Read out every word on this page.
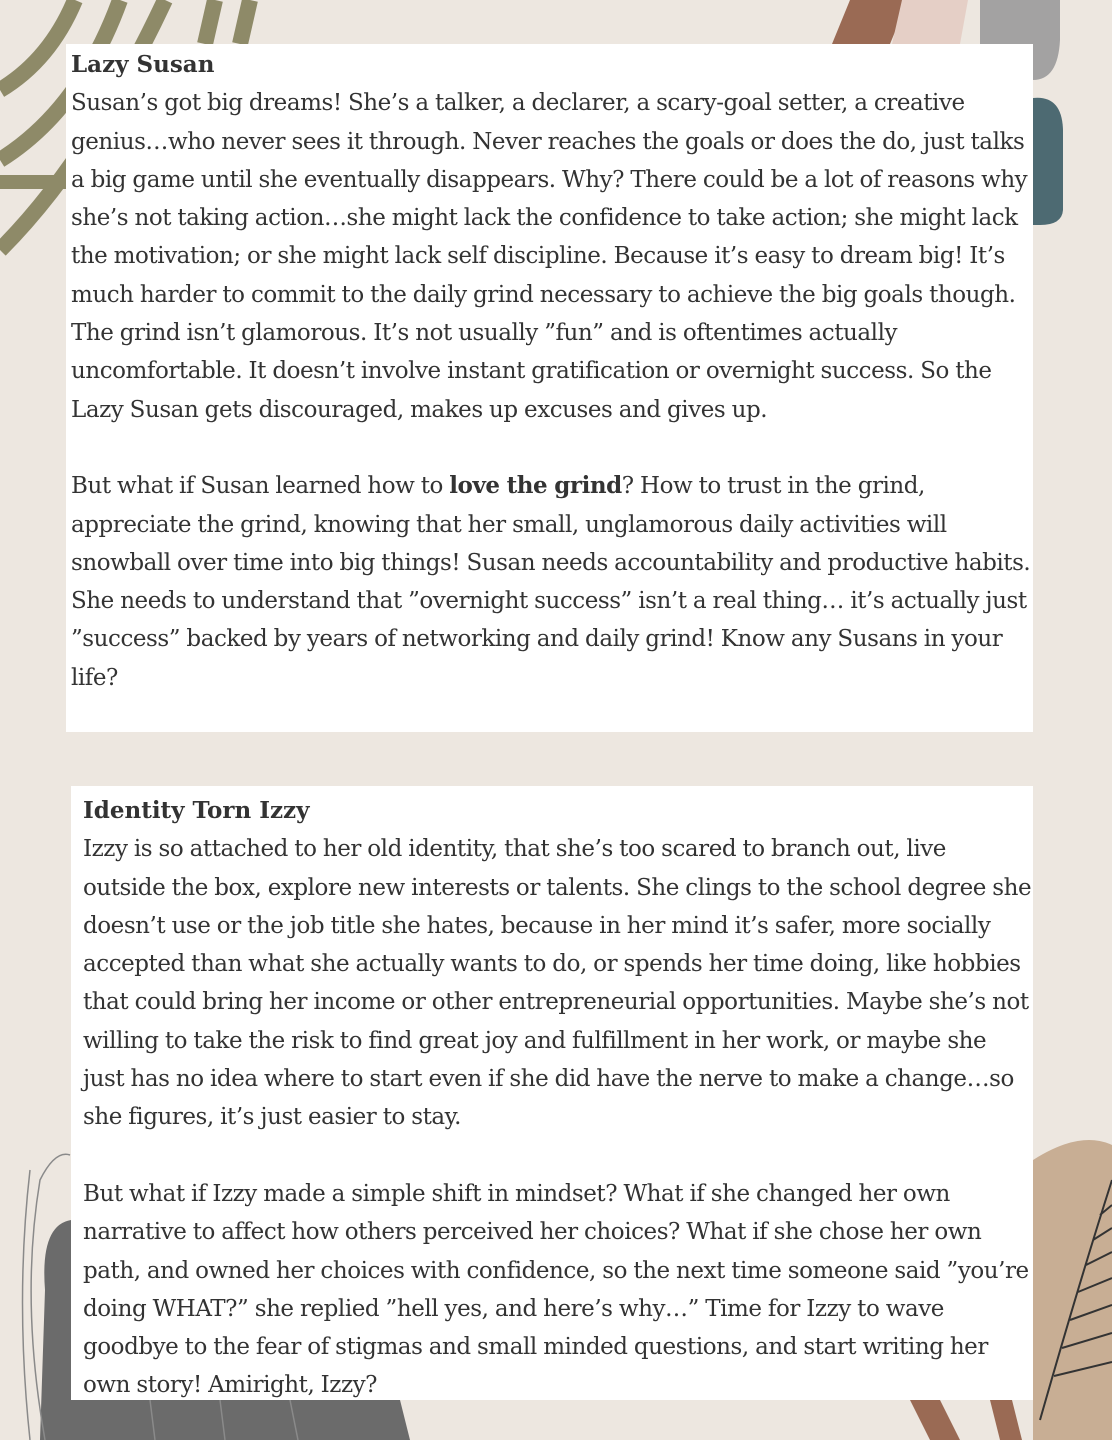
Lazy Susan

Susan’s got big dreams! She’s a talker, a declarer, a scary-goal setter, a creative genius…who never sees it through. Never reaches the goals or does the do, just talks a big game until she eventually disappears. Why? There could be a lot of reasons why she’s not taking action…she might lack the confidence to take action; she might lack the motivation; or she might lack self discipline. Because it’s easy to dream big! It’s much harder to commit to the daily grind necessary to achieve the big goals though. The grind isn’t glamorous. It’s not usually ”fun” and is oftentimes actually uncomfortable. It doesn’t involve instant gratification or overnight success. So the Lazy Susan gets discouraged, makes up excuses and gives up.

But what if Susan learned how to love the grind? How to trust in the grind, appreciate the grind, knowing that her small, unglamorous daily activities will snowball over time into big things! Susan needs accountability and productive habits. She needs to understand that ”overnight success” isn’t a real thing… it’s actually just ”success” backed by years of networking and daily grind! Know any Susans in your life?

Identity Torn Izzy

Izzy is so attached to her old identity, that she’s too scared to branch out, live outside the box, explore new interests or talents. She clings to the school degree she doesn’t use or the job title she hates, because in her mind it’s safer, more socially accepted than what she actually wants to do, or spends her time doing, like hobbies that could bring her income or other entrepreneurial opportunities. Maybe she’s not willing to take the risk to find great joy and fulfillment in her work, or maybe she just has no idea where to start even if she did have the nerve to make a change…so she figures, it’s just easier to stay.

But what if Izzy made a simple shift in mindset? What if she changed her own narrative to affect how others perceived her choices? What if she chose her own path, and owned her choices with confidence, so the next time someone said ”you’re doing WHAT?” she replied ”hell yes, and here’s why…” Time for Izzy to wave goodbye to the fear of stigmas and small minded questions, and start writing her own story! Amiright, Izzy?
